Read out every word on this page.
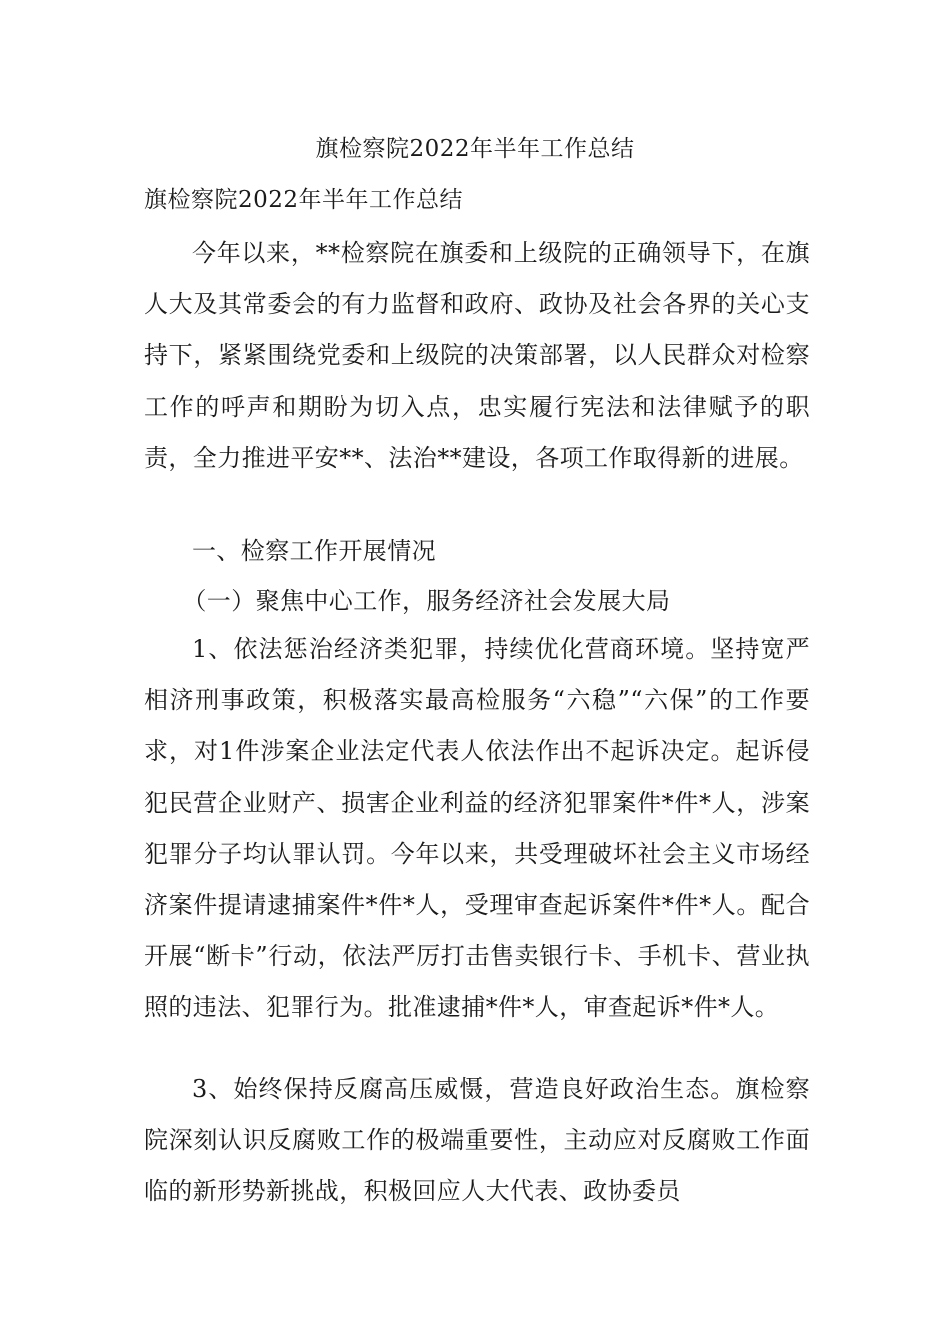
旗检察院2022年半年工作总结
旗检察院2022年半年工作总结

今年以来，**检察院在旗委和上级院的正确领导下，在旗人大及其常委会的有力监督和政府、政协及社会各界的关心支持下，紧紧围绕党委和上级院的决策部署，以人民群众对检察工作的呼声和期盼为切入点，忠实履行宪法和法律赋予的职责，全力推进平安**、法治**建设，各项工作取得新的进展。

一、检察工作开展情况

（一）聚焦中心工作，服务经济社会发展大局

1、依法惩治经济类犯罪，持续优化营商环境。坚持宽严相济刑事政策，积极落实最高检服务“六稳”“六保”的工作要求，对1件涉案企业法定代表人依法作出不起诉决定。起诉侵犯民营企业财产、损害企业利益的经济犯罪案件*件*人，涉案犯罪分子均认罪认罚。今年以来，共受理破坏社会主义市场经济案件提请逮捕案件*件*人，受理审查起诉案件*件*人。配合开展“断卡”行动，依法严厉打击售卖银行卡、手机卡、营业执照的违法、犯罪行为。批准逮捕*件*人，审查起诉*件*人。

3、始终保持反腐高压威慑，营造良好政治生态。旗检察院深刻认识反腐败工作的极端重要性，主动应对反腐败工作面临的新形势新挑战，积极回应人大代表、政协委员
